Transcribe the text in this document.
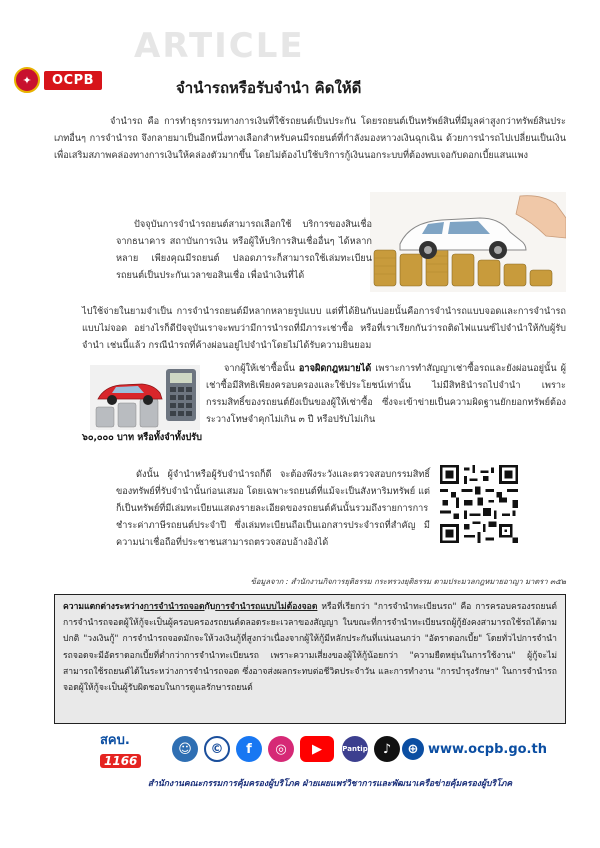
✦	OCPB
ARTICLE
จำนำรถหรือรับจำนำ คิดให้ดี
จำนำรถ คือ การทำธุรกรรมทางการเงินที่ใช้รถยนต์เป็นประกัน โดยรถยนต์เป็นทรัพย์สินที่มีมูลค่าสูงกว่าทรัพย์สินประเภทอื่นๆ การจำนำรถ จึงกลายมาเป็นอีกหนึ่งทางเลือกสำหรับคนมีรถยนต์ที่กำลังมองหาวงเงินฉุกเฉิน ด้วยการนำรถไปเปลี่ยนเป็นเงินเพื่อเสริมสภาพคล่องทางการเงินให้คล่องตัวมากขึ้น โดยไม่ต้องไปใช้บริการกู้เงินนอกระบบที่ต้องพบเจอกับดอกเบี้ยแสนแพง
ปัจจุบันการจำนำรถยนต์สามารถเลือกใช้ บริการของสินเชื่อจากธนาคาร สถาบันการเงิน หรือผู้ให้บริการสินเชื่ออื่นๆ ได้หลากหลาย เพียงคุณมีรถยนต์ ปลอดภาระก็สามารถใช้เล่มทะเบียนรถยนต์เป็นประกันเวลาขอสินเชื่อ เพื่อนำเงินที่ได้
ไปใช้จ่ายในยามจำเป็น การจำนำรถยนต์มีหลากหลายรูปแบบ แต่ที่ได้ยินกันบ่อยนั้นคือการจำนำรถแบบจอดและการจำนำรถแบบไม่จอด อย่างไรก็ดีปัจจุบันเราจะพบว่ามีการนำรถที่มีภาระเช่าซื้อ หรือที่เราเรียกกันว่ารถติดไฟแนนซ์ไปจำนำให้กับผู้รับจำนำ เช่นนี้แล้ว กรณีนำรถที่ค้างผ่อนอยู่ไปจำนำโดยไม่ได้รับความยินยอม
จากผู้ให้เช่าซื้อนั้น อาจผิดกฎหมายได้ เพราะการทำสัญญาเช่าซื้อรถและยังผ่อนอยู่นั้น ผู้เช่าซื้อมีสิทธิเพียงครอบครองและใช้ประโยชน์เท่านั้น ไม่มีสิทธินำรถไปจำนำ เพราะกรรมสิทธิ์ของรถยนต์ยังเป็นของผู้ให้เช่าซื้อ ซึ่งจะเข้าข่ายเป็นความผิดฐานยักยอกทรัพย์ต้องระวางโทษจำคุกไม่เกิน ๓ ปี หรือปรับไม่เกิน
๖๐,๐๐๐ บาท หรือทั้งจำทั้งปรับ
ดังนั้น ผู้จำนำหรือผู้รับจำนำรถก็ดี จะต้องพึงระวังและตรวจสอบกรรมสิทธิ์ของทรัพย์ที่รับจำนำนั้นก่อนเสมอ โดยเฉพาะรถยนต์ที่แม้จะเป็นสังหาริมทรัพย์ แต่ก็เป็นทรัพย์ที่มีเล่มทะเบียนแสดงรายละเอียดของรถยนต์คันนั้นรวมถึงรายการการชำระค่าภาษีรถยนต์ประจำปี ซึ่งเล่มทะเบียนถือเป็นเอกสารประจำรถที่สำคัญ มีความน่าเชื่อถือที่ประชาชนสามารถตรวจสอบอ้างอิงได้
ข้อมูลจาก : สำนักงานกิจการยุติธรรม กระทรวงยุติธรรม ตามประมวลกฎหมายอาญา มาตรา ๓๕๒
ความแตกต่างระหว่างการจำนำรถจอดกับการจำนำรถแบบไม่ต้องจอด หรือที่เรียกว่า "การจำนำทะเบียนรถ" คือ การครอบครองรถยนต์ การจำนำรถจอดผู้ให้กู้จะเป็นผู้ครอบครองรถยนต์ตลอดระยะเวลาของสัญญา ในขณะที่การจำนำทะเบียนรถผู้กู้ยังคงสามารถใช้รถได้ตามปกติ "วงเงินกู้" การจำนำรถจอดมักจะให้วงเงินกู้ที่สูงกว่าเนื่องจากผู้ให้กู้มีหลักประกันที่แน่นอนกว่า "อัตราดอกเบี้ย" โดยทั่วไปการจำนำรถจอดจะมีอัตราดอกเบี้ยที่ต่ำกว่าการจำนำทะเบียนรถ เพราะความเสี่ยงของผู้ให้กู้น้อยกว่า "ความยืดหยุ่นในการใช้งาน" ผู้กู้จะไม่สามารถใช้รถยนต์ได้ในระหว่างการจำนำรถจอด ซึ่งอาจส่งผลกระทบต่อชีวิตประจำวัน และการทำงาน "การบำรุงรักษา" ในการจำนำรถจอดผู้ให้กู้จะเป็นผู้รับผิดชอบในการดูแลรักษารถยนต์
สคบ.
1166
☺	©	f	◎	▶	Pantip	♪	⊕ www.ocpb.go.th
สำนักงานคณะกรรมการคุ้มครองผู้บริโภค ฝ่ายเผยแพร่วิชาการและพัฒนาเครือข่ายคุ้มครองผู้บริโภค
